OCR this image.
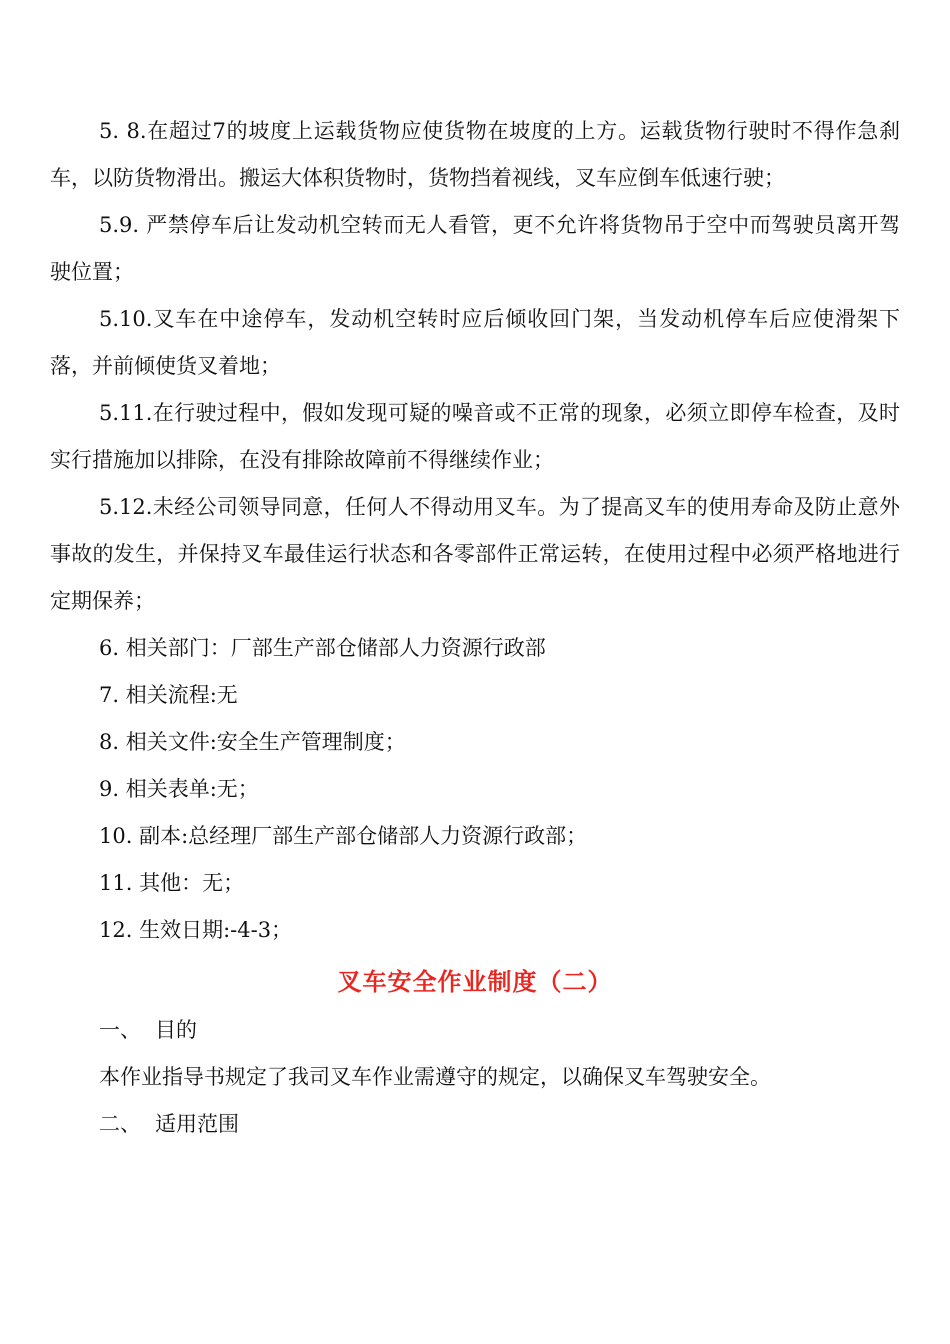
5. 8.在超过7的坡度上运载货物应使货物在坡度的上方。运载货物行驶时不得作急刹车，以防货物滑出。搬运大体积货物时，货物挡着视线，叉车应倒车低速行驶；

5.9. 严禁停车后让发动机空转而无人看管，更不允许将货物吊于空中而驾驶员离开驾驶位置；

5.10.叉车在中途停车，发动机空转时应后倾收回门架，当发动机停车后应使滑架下落，并前倾使货叉着地；

5.11.在行驶过程中，假如发现可疑的噪音或不正常的现象，必须立即停车检查，及时实行措施加以排除，在没有排除故障前不得继续作业；

5.12.未经公司领导同意，任何人不得动用叉车。为了提高叉车的使用寿命及防止意外事故的发生，并保持叉车最佳运行状态和各零部件正常运转，在使用过程中必须严格地进行定期保养；

6. 相关部门：厂部生产部仓储部人力资源行政部

7. 相关流程:无

8. 相关文件:安全生产管理制度；

9. 相关表单:无；

10. 副本:总经理厂部生产部仓储部人力资源行政部；

11. 其他：无；

12. 生效日期:-4-3；

叉车安全作业制度（二）

一、 目的

本作业指导书规定了我司叉车作业需遵守的规定，以确保叉车驾驶安全。

二、 适用范围
